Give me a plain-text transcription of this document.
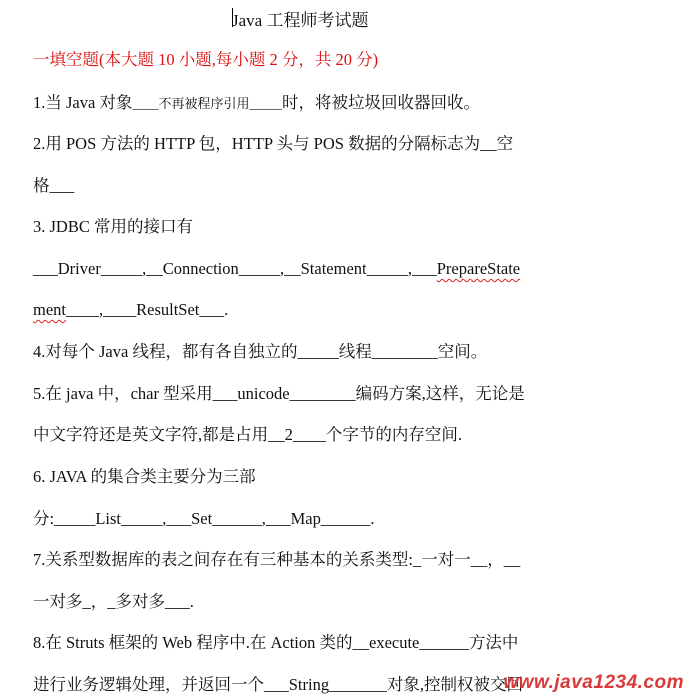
Java 工程师考试题
一填空题(本大题 10 小题,每小题 2 分，共 20 分)
1.当 Java 对象____不再被程序引用_____时，将被垃圾回收器回收。
2.用 POS 方法的 HTTP 包，HTTP 头与 POS 数据的分隔标志为__空
格___
3. JDBC 常用的接口有
___Driver_____,__Connection_____,__Statement_____,___PrepareState
ment____,____ResultSet___.
4.对每个 Java 线程，都有各自独立的_____线程________空间。
5.在 java 中，char 型采用___unicode________编码方案,这样，无论是
中文字符还是英文字符,都是占用__2____个字节的内存空间.
6. JAVA 的集合类主要分为三部
分:_____List_____,___Set______,___Map______.
7.关系型数据库的表之间存在有三种基本的关系类型:_一对一__，__
一对多_，_多对多___.
8.在 Struts 框架的 Web 程序中.在 Action 类的__execute______方法中
进行业务逻辑处理，并返回一个___String_______对象,控制权被交回
www.java1234.com
